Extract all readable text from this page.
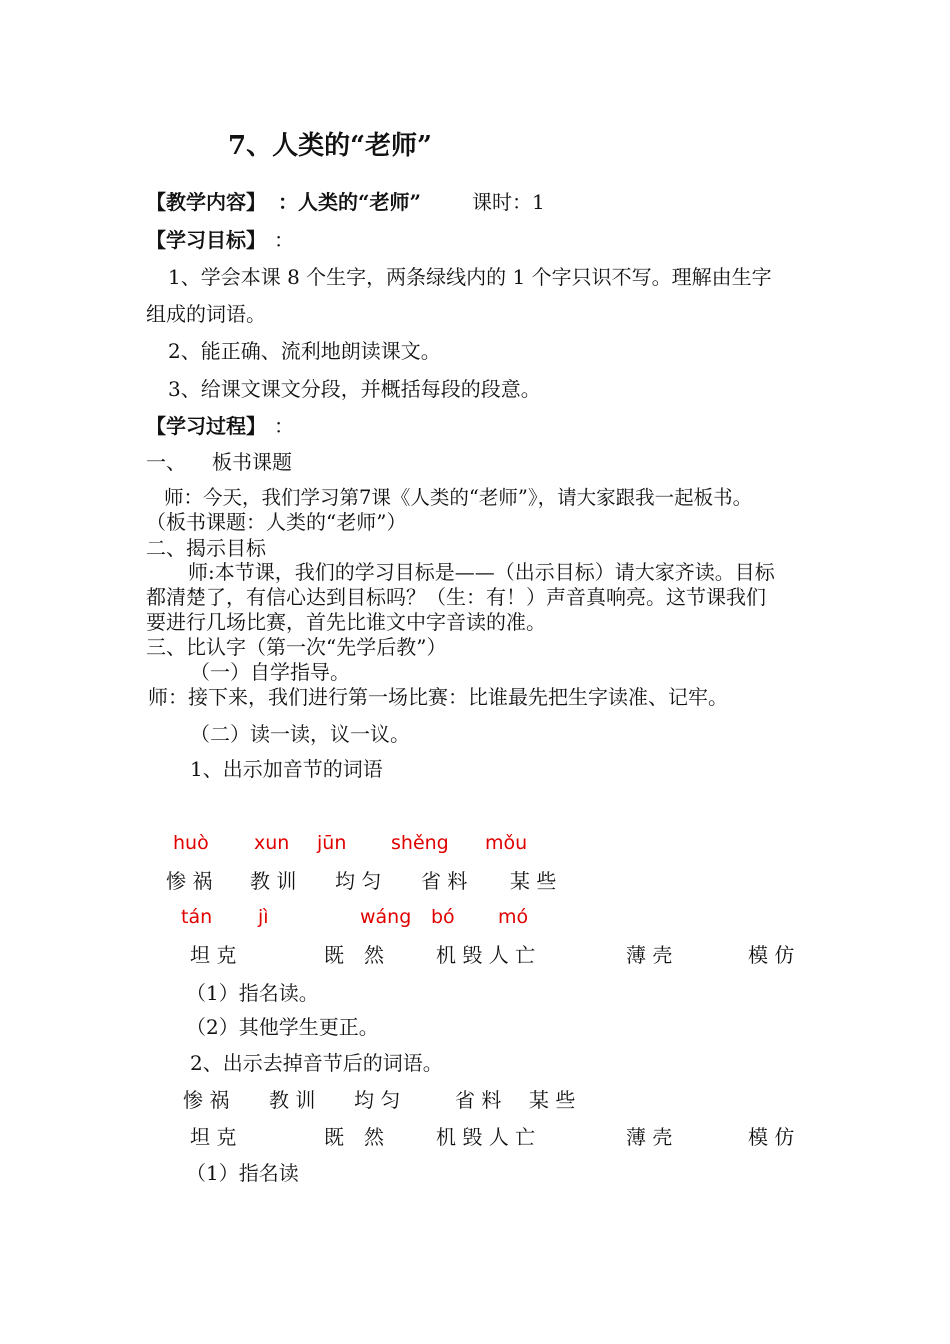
7、人类的“老师”
【教学内容】 ：人类的“老师”	课时：1
【学习目标】 ：
1、学会本课 8 个生字，两条绿线内的 1 个字只识不写。理解由生字
组成的词语。
2、能正确、流利地朗读课文。
3、给课文课文分段，并概括每段的段意。
【学习过程】 ：
一、 板书课题
师：今天，我们学习第7课《人类的“老师”》，请大家跟我一起板书。
（板书课题：人类的“老师”）
二、揭示目标
师:本节课，我们的学习目标是——（出示目标）请大家齐读。目标
都清楚了，有信心达到目标吗？（生：有！）声音真响亮。这节课我们
要进行几场比赛，首先比谁文中字音读的准。
三、比认字（第一次“先学后教”）
（一）自学指导。
师：接下来，我们进行第一场比赛：比谁最先把生字读准、记牢。
（二）读一读，议一议。
1、出示加音节的词语
huò xun jūn shěng mǒu
惨 祸 教 训 均 匀 省 料 某 些
tán jì	wáng bó mó
坦 克	既　然	机 毁 人 亡	薄 壳	模 仿
（1）指名读。
（2）其他学生更正。
2、出示去掉音节后的词语。
惨 祸 教 训 均 匀	省 料 某 些
坦 克	既　然	机 毁 人 亡	薄 壳	模 仿
（1）指名读
